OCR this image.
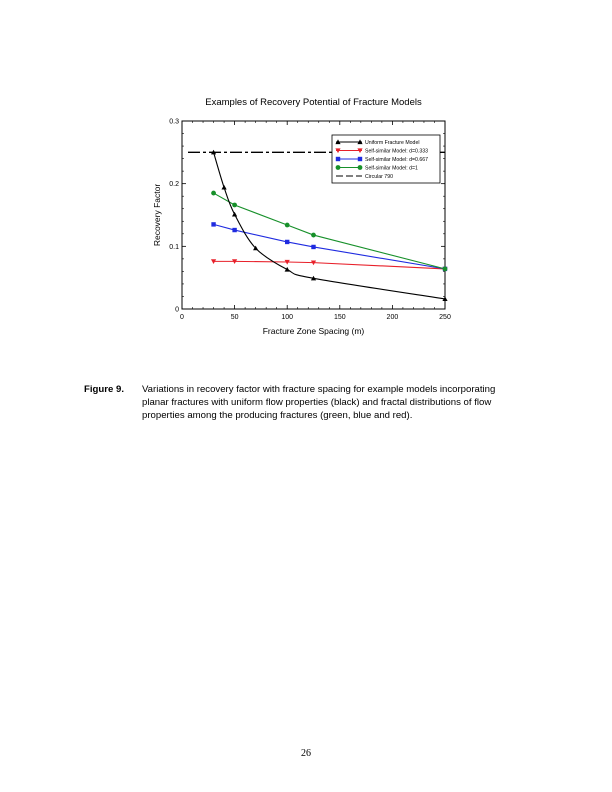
Examples of Recovery Potential of Fracture Models
0	50	100	150	200	250
0
0.1
0.2
0.3
Fracture Zone Spacing (m)
Recovery Factor
Uniform Fracture Model
Self-similar Model: d=0.333
Self-similar Model: d=0.667
Self-similar Model: d=1
Circular 790
Figure 9.	Variations in recovery factor with fracture spacing for example models incorporating planar fractures with uniform flow properties (black) and fractal distributions of flow properties among the producing fractures (green, blue and red).
26
